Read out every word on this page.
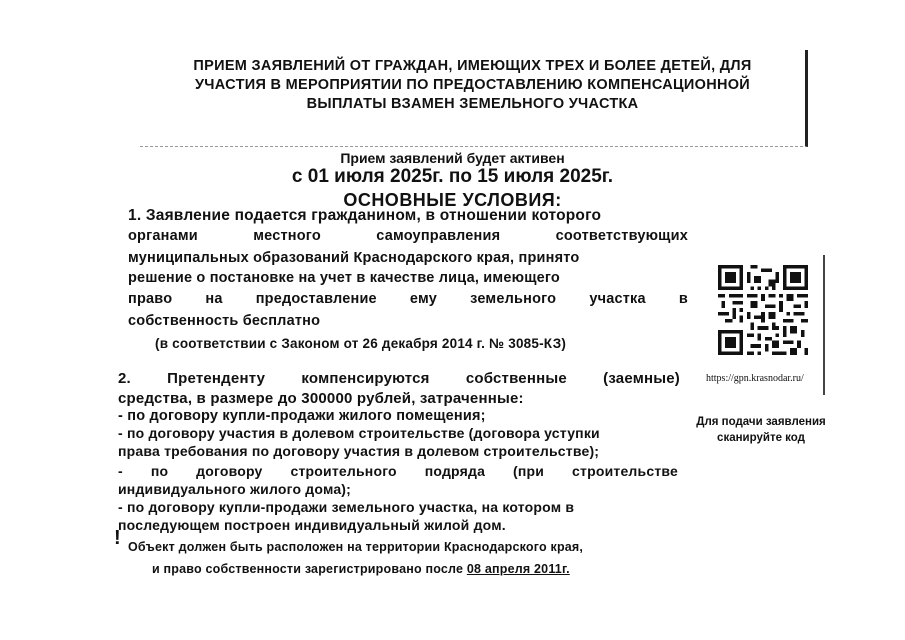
ПРИЕМ ЗАЯВЛЕНИЙ ОТ ГРАЖДАН, ИМЕЮЩИХ ТРЕХ И БОЛЕЕ ДЕТЕЙ, ДЛЯ
УЧАСТИЯ В МЕРОПРИЯТИИ ПО ПРЕДОСТАВЛЕНИЮ КОМПЕНСАЦИОННОЙ
ВЫПЛАТЫ ВЗАМЕН ЗЕМЕЛЬНОГО УЧАСТКА
Прием заявлений будет активен
с 01 июля 2025г. по 15 июля 2025г.
ОСНОВНЫЕ УСЛОВИЯ:
1. Заявление подается гражданином, в отношении которого
органами местного самоуправления соответствующих
муниципальных образований Краснодарского края, принято
решение о постановке на учет в качестве лица, имеющего
право на предоставление ему земельного участка в
собственность бесплатно
(в соответствии с Законом от 26 декабря 2014 г. № 3085-КЗ)
2. Претенденту компенсируются собственные (заемные)
средства, в размере до 300000 рублей, затраченные:
- по договору купли-продажи жилого помещения;
- по договору участия в долевом строительстве (договора уступки
права требования по договору участия в долевом строительстве);
- по договору строительного подряда (при строительстве
индивидуального жилого дома);
- по договору купли-продажи земельного участка, на котором в
последующем построен индивидуальный жилой дом.
! Объект должен быть расположен на территории Краснодарского края,
и право собственности зарегистрировано после 08 апреля 2011г.
https://gpn.krasnodar.ru/
Для подачи заявления сканируйте код
